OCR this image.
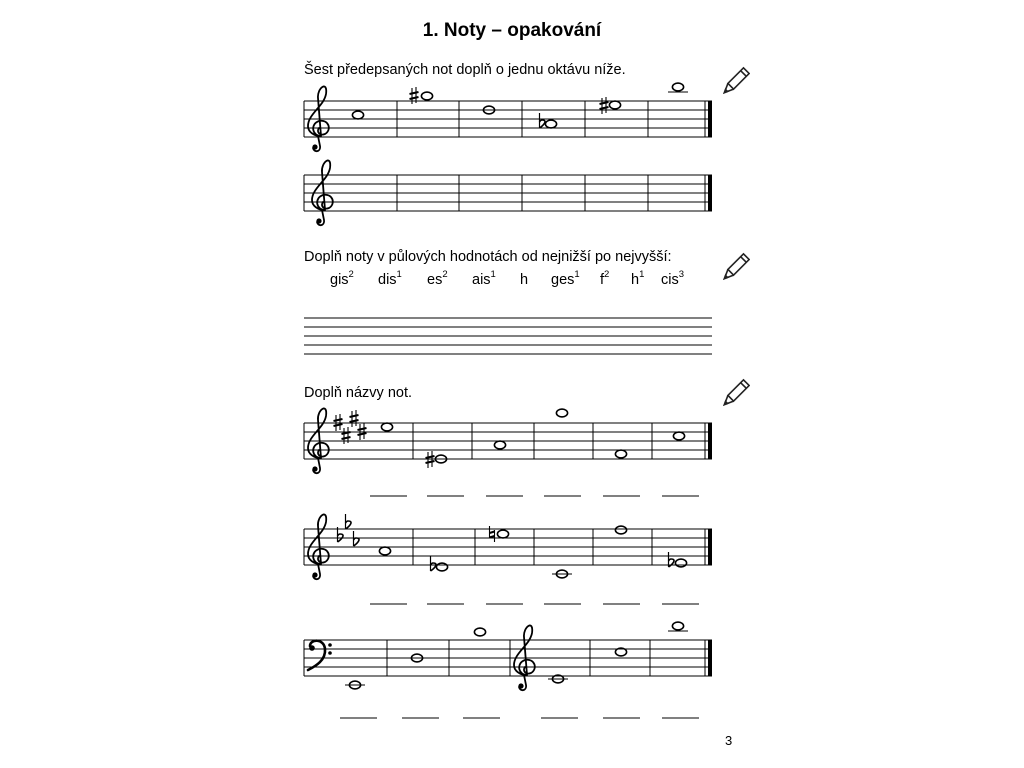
1. Noty – opakování
Šest předepsaných not doplň o jednu oktávu níže.
Doplň noty v půlových hodnotách od nejnižší po nejvyšší:
Doplň názvy not.
gis$^2$ dis$^1$ $es^2$ ais$^1$ h ges$^1$ $f^2$ $h^1$ cis$^3$
3
